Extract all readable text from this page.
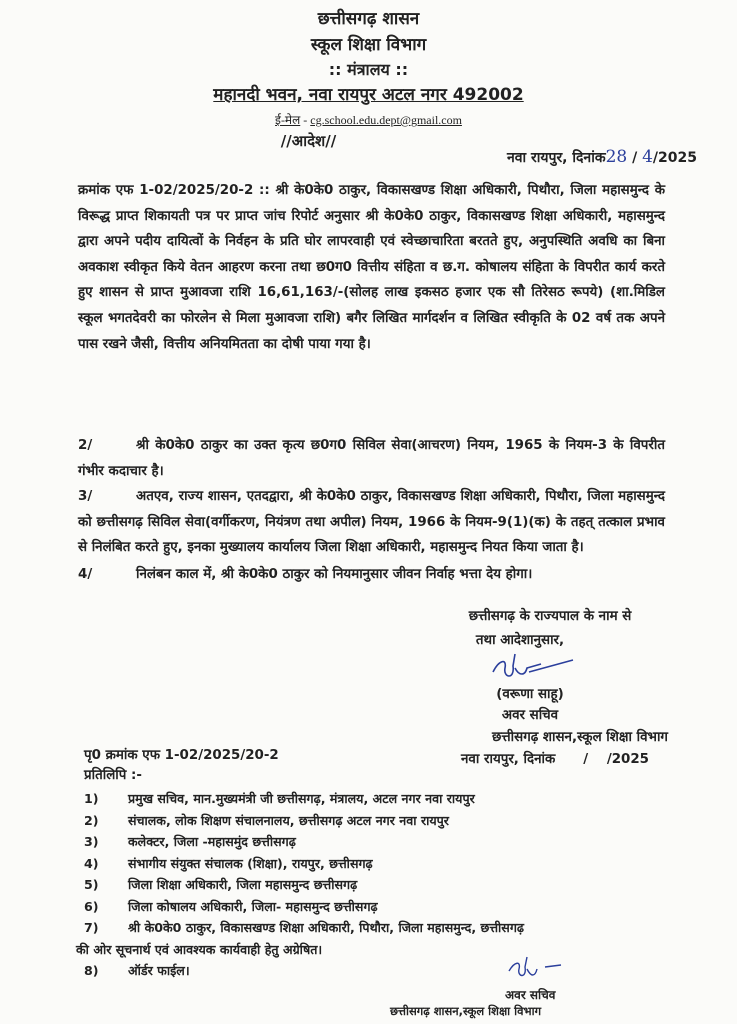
छत्तीसगढ़ शासन
स्कूल शिक्षा विभाग
:: मंत्रालय ::
महानदी भवन, नवा रायपुर अटल नगर 492002
ई-मेल - cg.school.edu.dept@gmail.com
//आदेश//
नवा रायपुर, दिनांक28 / 4/2025
क्रमांक एफ 1-02/2025/20-2 :: श्री के0के0 ठाकुर, विकासखण्ड शिक्षा अधिकारी, पिथौरा, जिला महासमुन्द के विरूद्ध प्राप्त शिकायती पत्र पर प्राप्त जांच रिपोर्ट अनुसार श्री के0के0 ठाकुर, विकासखण्ड शिक्षा अधिकारी, महासमुन्द द्वारा अपने पदीय दायित्वों के निर्वहन के प्रति घोर लापरवाही एवं स्वेच्छाचारिता बरतते हुए, अनुपस्थिति अवधि का बिना अवकाश स्वीकृत किये वेतन आहरण करना तथा छ0ग0 वित्तीय संहिता व छ.ग. कोषालय संहिता के विपरीत कार्य करते हुए शासन से प्राप्त मुआवजा राशि 16,61,163/-(सोलह लाख इकसठ हजार एक सौ तिरेसठ रूपये) (शा.मिडिल स्कूल भगतदेवरी का फोरलेन से मिला मुआवजा राशि) बगैर लिखित मार्गदर्शन व लिखित स्वीकृति के 02 वर्ष तक अपने पास रखने जैसी, वित्तीय अनियमितता का दोषी पाया गया है।
2/	श्री के0के0 ठाकुर का उक्त कृत्य छ0ग0 सिविल सेवा(आचरण) नियम, 1965 के नियम-3 के विपरीत गंभीर कदाचार है।
3/	अतएव, राज्य शासन, एतदद्वारा, श्री के0के0 ठाकुर, विकासखण्ड शिक्षा अधिकारी, पिथौरा, जिला महासमुन्द को छत्तीसगढ़ सिविल सेवा(वर्गीकरण, नियंत्रण तथा अपील) नियम, 1966 के नियम-9(1)(क) के तहत् तत्काल प्रभाव से निलंबित करते हुए, इनका मुख्यालय कार्यालय जिला शिक्षा अधिकारी, महासमुन्द नियत किया जाता है।
4/	निलंबन काल में, श्री के0के0 ठाकुर को नियमानुसार जीवन निर्वाह भत्ता देय होगा।
छत्तीसगढ़ के राज्यपाल के नाम से
तथा आदेशानुसार,
(वरूणा साहू)
अवर सचिव
छत्तीसगढ़ शासन,स्कूल शिक्षा विभाग
नवा रायपुर, दिनांक      /    /2025
पृ0 क्रमांक एफ 1-02/2025/20-2
प्रतिलिपि :-
1) प्रमुख सचिव, मान.मुख्यमंत्री जी छत्तीसगढ़, मंत्रालय, अटल नगर नवा रायपुर
2) संचालक, लोक शिक्षण संचालनालय, छत्तीसगढ़ अटल नगर नवा रायपुर
3) कलेक्टर, जिला -महासमुंद छत्तीसगढ़
4) संभागीय संयुक्त संचालक (शिक्षा), रायपुर, छत्तीसगढ़
5) जिला शिक्षा अधिकारी, जिला महासमुन्द छत्तीसगढ़
6) जिला कोषालय अधिकारी, जिला- महासमुन्द छत्तीसगढ़
7) श्री के0के0 ठाकुर, विकासखण्ड शिक्षा अधिकारी, पिथौरा, जिला महासमुन्द, छत्तीसगढ़
की ओर सूचनार्थ एवं आवश्यक कार्यवाही हेतु अग्रेषित।
8) ऑर्डर फाईल।
अवर सचिव
छत्तीसगढ़ शासन,स्कूल शिक्षा विभाग
